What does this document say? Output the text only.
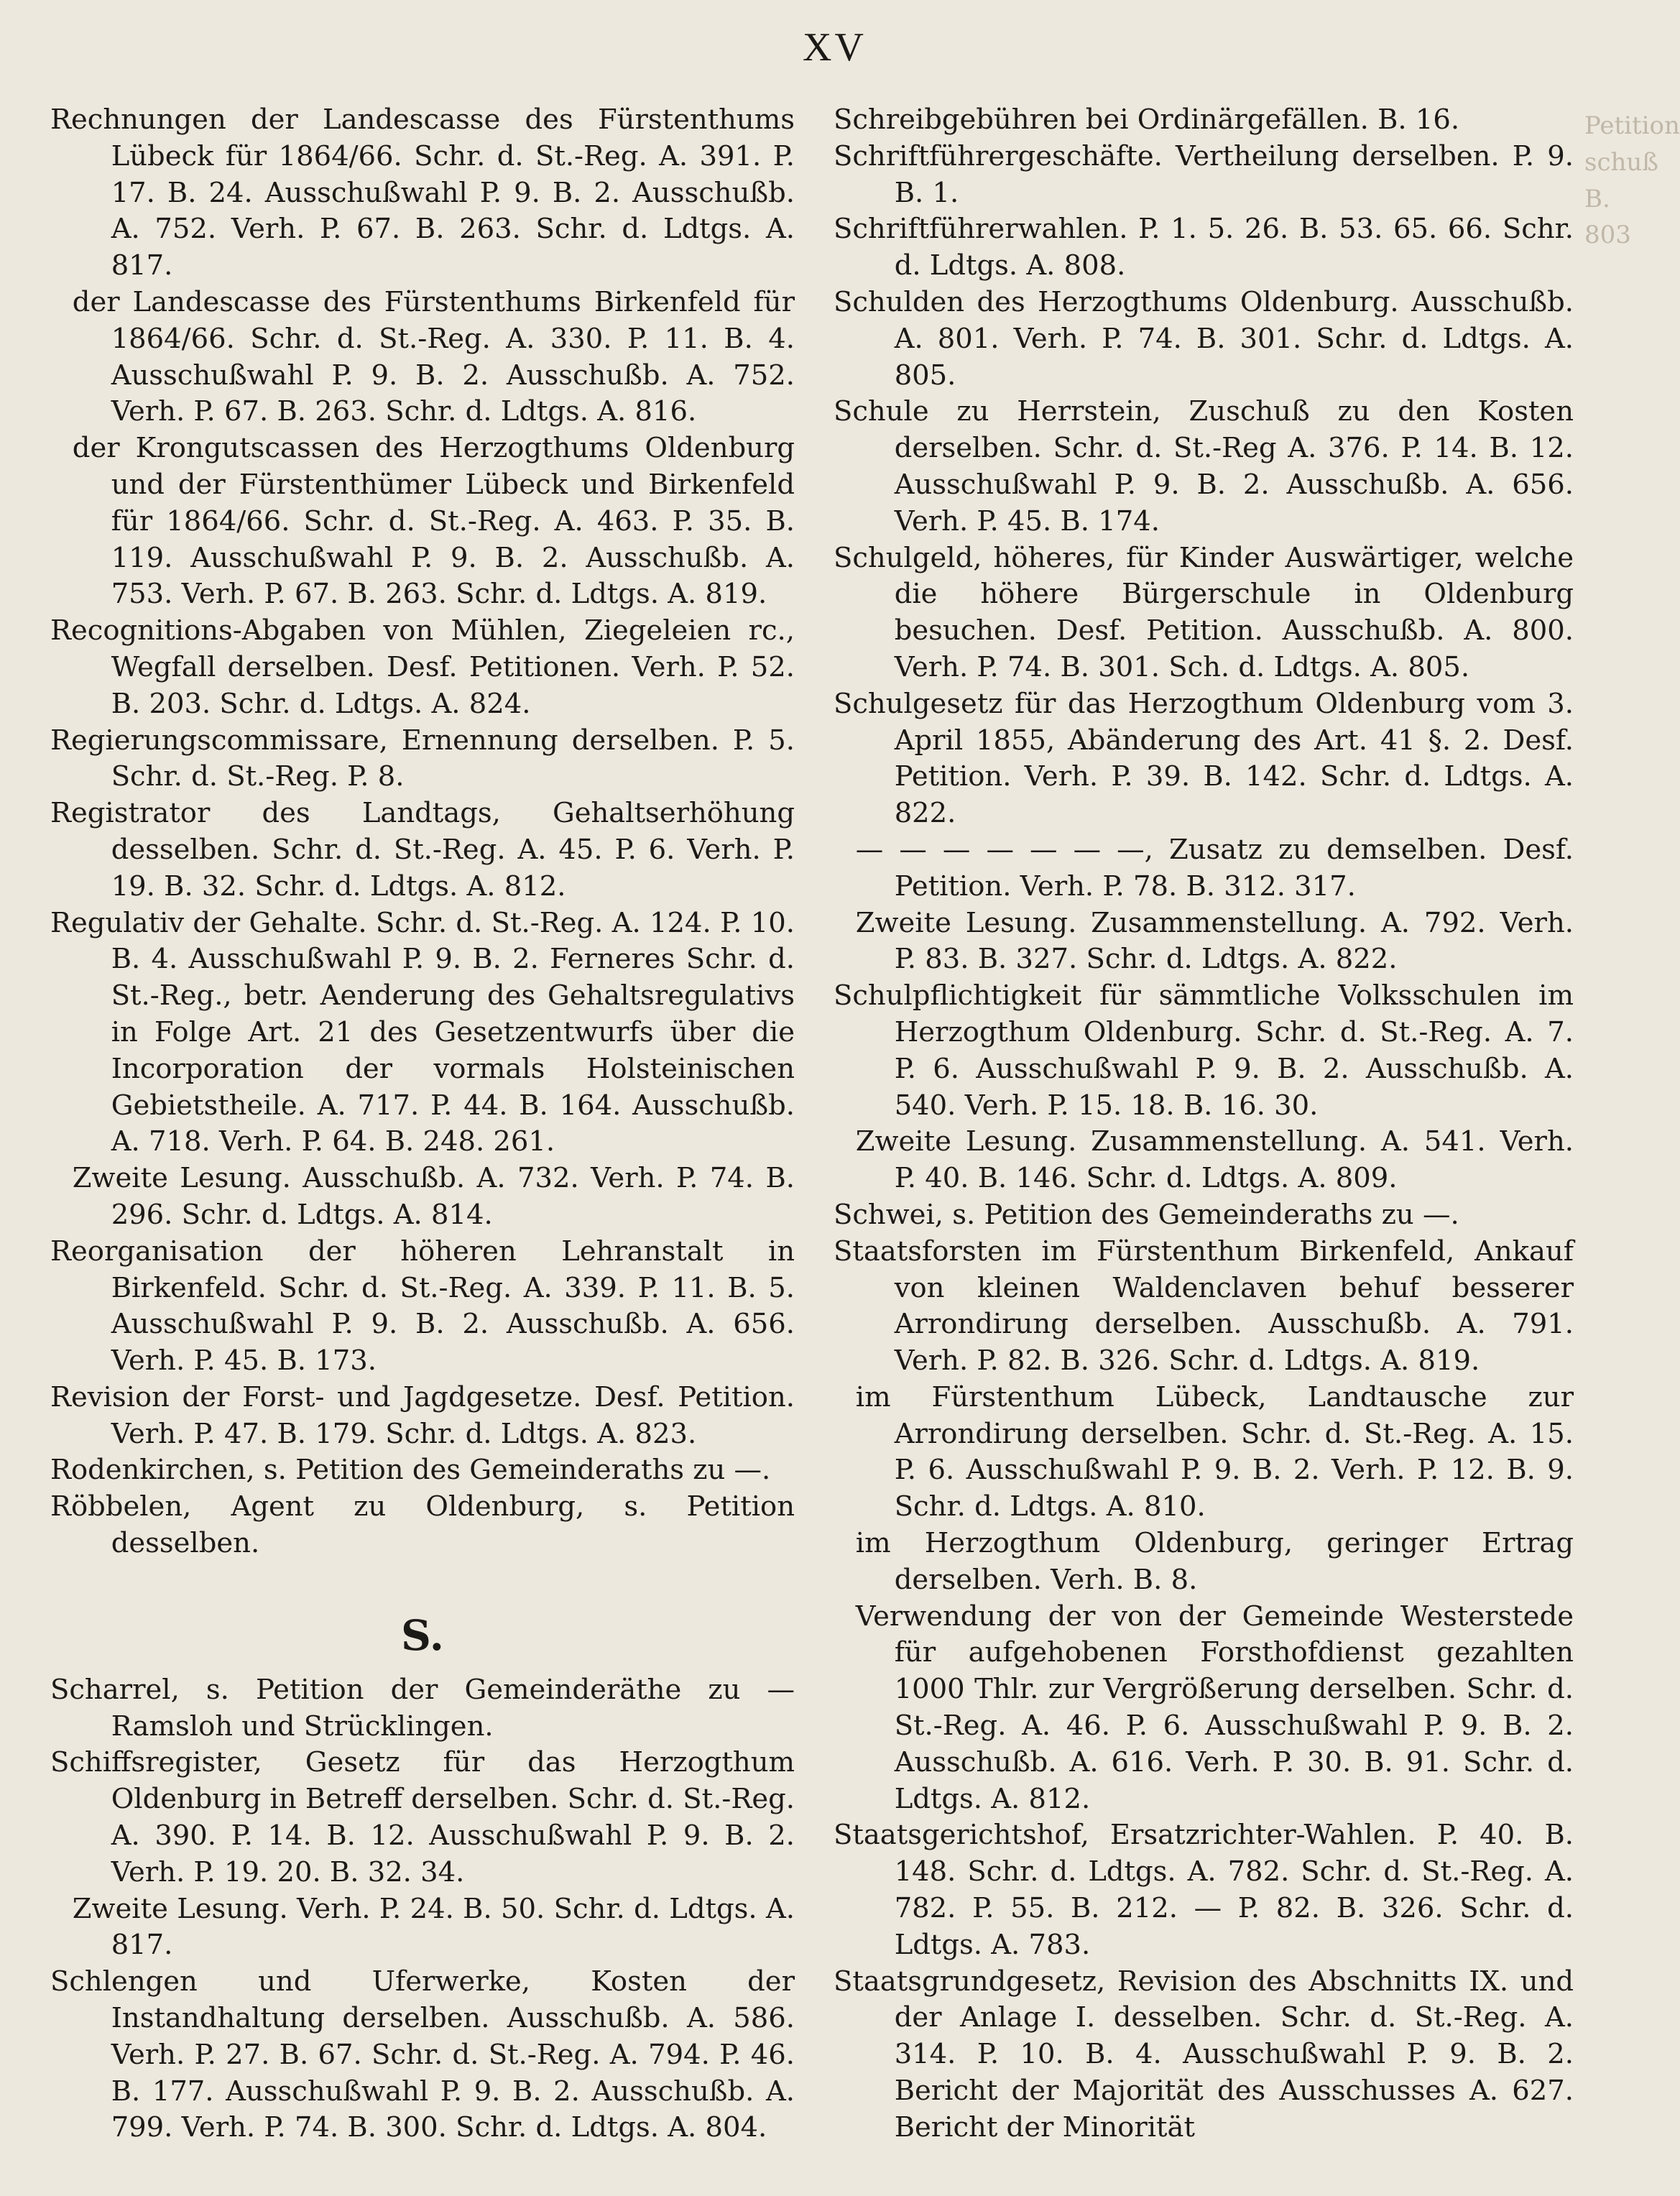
XV

Rechnungen der Landescasse des Fürstenthums Lübeck für 1864/66. Schr. d. St.-Reg. A. 391. P. 17. B. 24. Ausschußwahl P. 9. B. 2. Ausschußb. A. 752. Verh. P. 67. B. 263. Schr. d. Ldtgs. A. 817.

der Landescasse des Fürstenthums Birkenfeld für 1864/66. Schr. d. St.-Reg. A. 330. P. 11. B. 4. Ausschußwahl P. 9. B. 2. Ausschußb. A. 752. Verh. P. 67. B. 263. Schr. d. Ldtgs. A. 816.

der Krongutscassen des Herzogthums Oldenburg und der Fürstenthümer Lübeck und Birkenfeld für 1864/66. Schr. d. St.-Reg. A. 463. P. 35. B. 119. Ausschußwahl P. 9. B. 2. Ausschußb. A. 753. Verh. P. 67. B. 263. Schr. d. Ldtgs. A. 819.

Recognitions-Abgaben von Mühlen, Ziegeleien rc., Wegfall derselben. Desf. Petitionen. Verh. P. 52. B. 203. Schr. d. Ldtgs. A. 824.

Regierungscommissare, Ernennung derselben. P. 5. Schr. d. St.-Reg. P. 8.

Registrator des Landtags, Gehaltserhöhung desselben. Schr. d. St.-Reg. A. 45. P. 6. Verh. P. 19. B. 32. Schr. d. Ldtgs. A. 812.

Regulativ der Gehalte. Schr. d. St.-Reg. A. 124. P. 10. B. 4. Ausschußwahl P. 9. B. 2. Ferneres Schr. d. St.-Reg., betr. Aenderung des Gehaltsregulativs in Folge Art. 21 des Gesetzentwurfs über die Incorporation der vormals Holsteinischen Gebietstheile. A. 717. P. 44. B. 164. Ausschußb. A. 718. Verh. P. 64. B. 248. 261.

Zweite Lesung. Ausschußb. A. 732. Verh. P. 74. B. 296. Schr. d. Ldtgs. A. 814.

Reorganisation der höheren Lehranstalt in Birkenfeld. Schr. d. St.-Reg. A. 339. P. 11. B. 5. Ausschußwahl P. 9. B. 2. Ausschußb. A. 656. Verh. P. 45. B. 173.

Revision der Forst- und Jagdgesetze. Desf. Petition. Verh. P. 47. B. 179. Schr. d. Ldtgs. A. 823.

Rodenkirchen, s. Petition des Gemeinderaths zu —.

Röbbelen, Agent zu Oldenburg, s. Petition desselben.

S.

Scharrel, s. Petition der Gemeinderäthe zu — Ramsloh und Strücklingen.

Schiffsregister, Gesetz für das Herzogthum Oldenburg in Betreff derselben. Schr. d. St.-Reg. A. 390. P. 14. B. 12. Ausschußwahl P. 9. B. 2. Verh. P. 19. 20. B. 32. 34.

Zweite Lesung. Verh. P. 24. B. 50. Schr. d. Ldtgs. A. 817.

Schlengen und Uferwerke, Kosten der Instandhaltung derselben. Ausschußb. A. 586. Verh. P. 27. B. 67. Schr. d. St.-Reg. A. 794. P. 46. B. 177. Ausschußwahl P. 9. B. 2. Ausschußb. A. 799. Verh. P. 74. B. 300. Schr. d. Ldtgs. A. 804.

Schreibgebühren bei Ordinärgefällen. B. 16.

Schriftführergeschäfte. Vertheilung derselben. P. 9. B. 1.

Schriftführerwahlen. P. 1. 5. 26. B. 53. 65. 66. Schr. d. Ldtgs. A. 808.

Schulden des Herzogthums Oldenburg. Ausschußb. A. 801. Verh. P. 74. B. 301. Schr. d. Ldtgs. A. 805.

Schule zu Herrstein, Zuschuß zu den Kosten derselben. Schr. d. St.-Reg A. 376. P. 14. B. 12. Ausschußwahl P. 9. B. 2. Ausschußb. A. 656. Verh. P. 45. B. 174.

Schulgeld, höheres, für Kinder Auswärtiger, welche die höhere Bürgerschule in Oldenburg besuchen. Desf. Petition. Ausschußb. A. 800. Verh. P. 74. B. 301. Sch. d. Ldtgs. A. 805.

Schulgesetz für das Herzogthum Oldenburg vom 3. April 1855, Abänderung des Art. 41 §. 2. Desf. Petition. Verh. P. 39. B. 142. Schr. d. Ldtgs. A. 822.

— — — — — — —, Zusatz zu demselben. Desf. Petition. Verh. P. 78. B. 312. 317.

Zweite Lesung. Zusammenstellung. A. 792. Verh. P. 83. B. 327. Schr. d. Ldtgs. A. 822.

Schulpflichtigkeit für sämmtliche Volksschulen im Herzogthum Oldenburg. Schr. d. St.-Reg. A. 7. P. 6. Ausschußwahl P. 9. B. 2. Ausschußb. A. 540. Verh. P. 15. 18. B. 16. 30.

Zweite Lesung. Zusammenstellung. A. 541. Verh. P. 40. B. 146. Schr. d. Ldtgs. A. 809.

Schwei, s. Petition des Gemeinderaths zu —.

Staatsforsten im Fürstenthum Birkenfeld, Ankauf von kleinen Waldenclaven behuf besserer Arrondirung derselben. Ausschußb. A. 791. Verh. P. 82. B. 326. Schr. d. Ldtgs. A. 819.

im Fürstenthum Lübeck, Landtausche zur Arrondirung derselben. Schr. d. St.-Reg. A. 15. P. 6. Ausschußwahl P. 9. B. 2. Verh. P. 12. B. 9. Schr. d. Ldtgs. A. 810.

im Herzogthum Oldenburg, geringer Ertrag derselben. Verh. B. 8.

Verwendung der von der Gemeinde Westerstede für aufgehobenen Forsthofdienst gezahlten 1000 Thlr. zur Vergrößerung derselben. Schr. d. St.-Reg. A. 46. P. 6. Ausschußwahl P. 9. B. 2. Ausschußb. A. 616. Verh. P. 30. B. 91. Schr. d. Ldtgs. A. 812.

Staatsgerichtshof, Ersatzrichter-Wahlen. P. 40. B. 148. Schr. d. Ldtgs. A. 782. Schr. d. St.-Reg. A. 782. P. 55. B. 212. — P. 82. B. 326. Schr. d. Ldtgs. A. 783.

Staatsgrundgesetz, Revision des Abschnitts IX. und der Anlage I. desselben. Schr. d. St.-Reg. A. 314. P. 10. B. 4. Ausschußwahl P. 9. B. 2. Bericht der Majorität des Ausschusses A. 627. Bericht der Minorität

Petition

schuß

B.

803
